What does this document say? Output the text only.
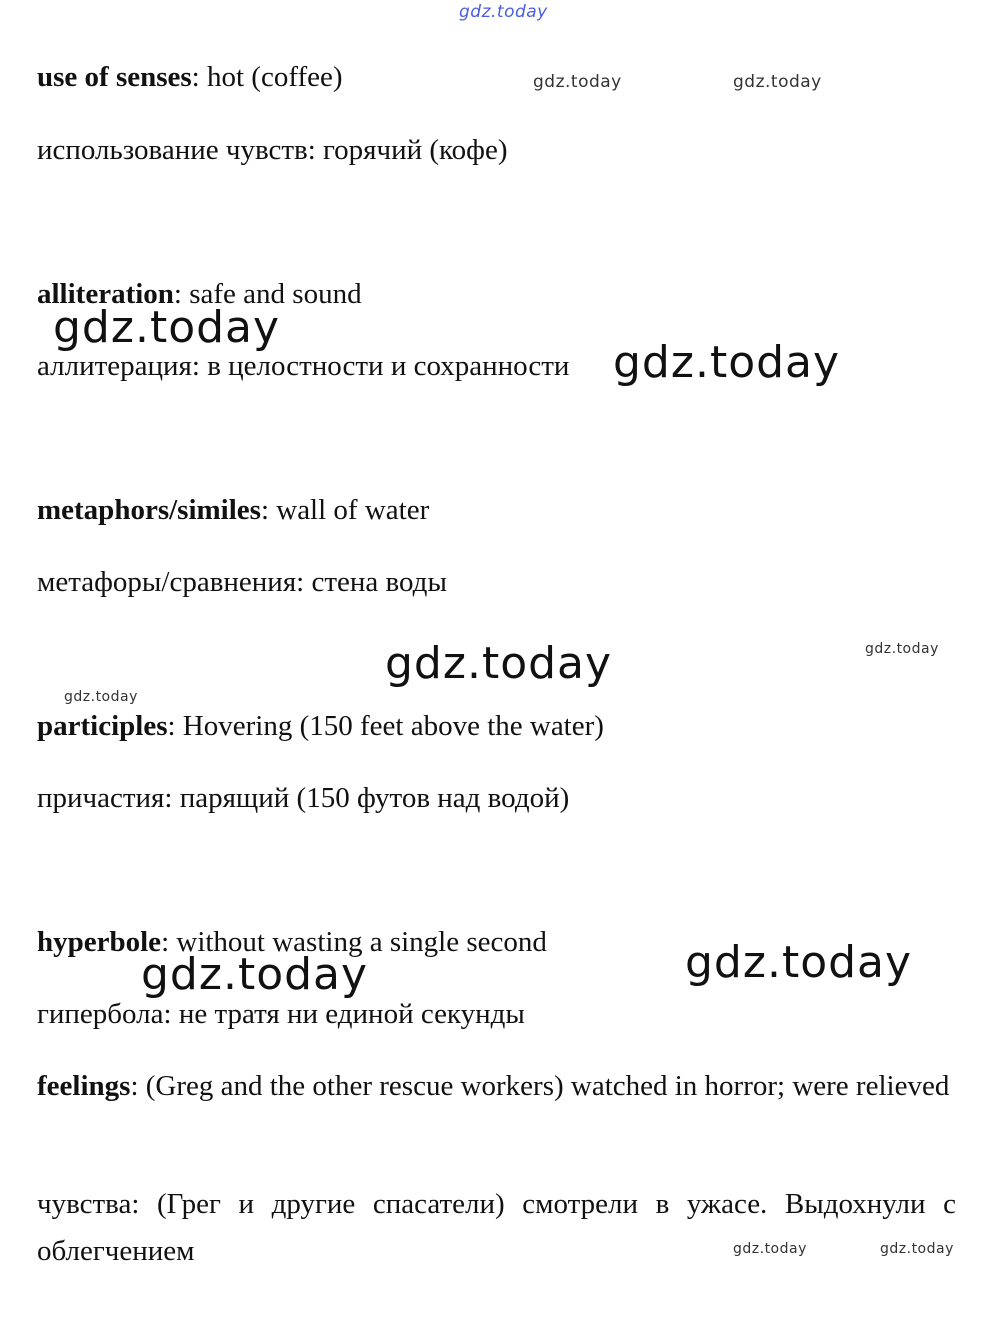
gdz.today

use of senses: hot (coffee)

использование чувств: горячий (кофе)

alliteration: safe and sound

аллитерация: в целостности и сохранности

metaphors/similes: wall of water

метафоры/сравнения: стена воды

participles: Hovering (150 feet above the water)

причастия: парящий (150 футов над водой)

hyperbole: without wasting a single second

гипербола: не тратя ни единой секунды

feelings: (Greg and the other rescue workers) watched in horror; were relieved

чувства: (Грег и другие спасатели) смотрели в ужасе. Выдохнули с облегчением

gdz.today	gdz.today
gdz.today
gdz.today
gdz.today	gdz.today
gdz.today
gdz.today	gdz.today
gdz.today	gdz.today
